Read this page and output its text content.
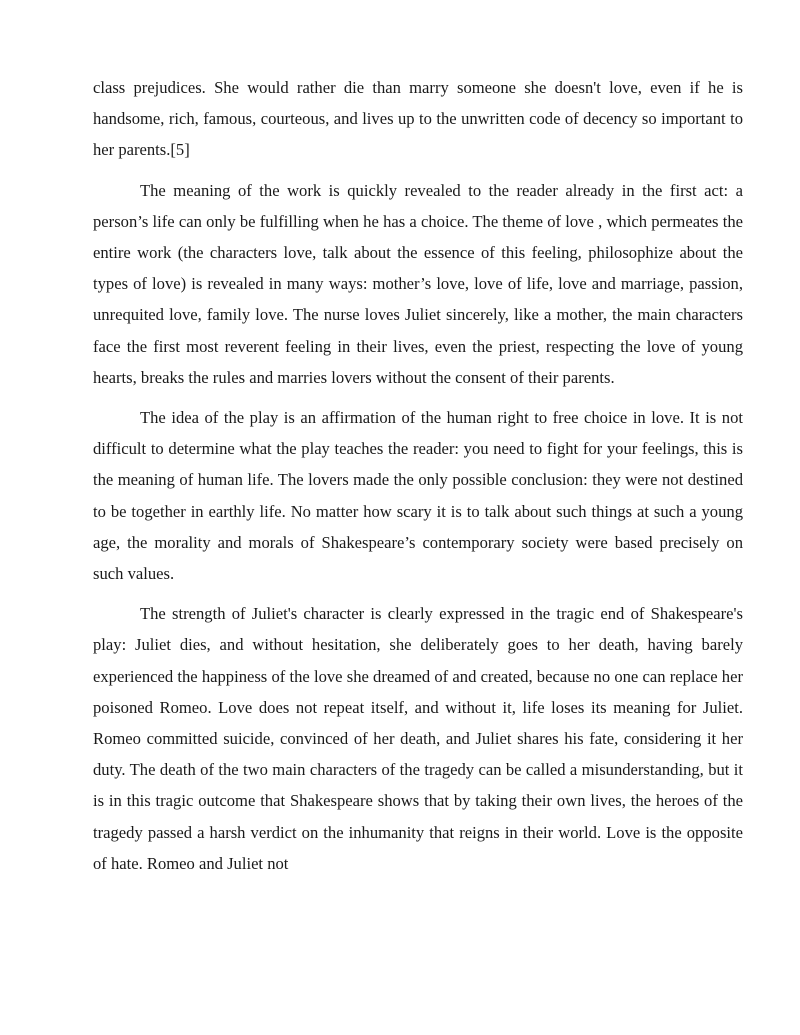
class prejudices. She would rather die than marry someone she doesn't love, even if he is handsome, rich, famous, courteous, and lives up to the unwritten code of decency so important to her parents.[5]

The meaning of the work is quickly revealed to the reader already in the first act: a person’s life can only be fulfilling when he has a choice. The theme of love , which permeates the entire work (the characters love, talk about the essence of this feeling, philosophize about the types of love) is revealed in many ways: mother’s love, love of life, love and marriage, passion, unrequited love, family love. The nurse loves Juliet sincerely, like a mother, the main characters face the first most reverent feeling in their lives, even the priest, respecting the love of young hearts, breaks the rules and marries lovers without the consent of their parents.

The idea of the play is an affirmation of the human right to free choice in love. It is not difficult to determine what the play teaches the reader: you need to fight for your feelings, this is the meaning of human life. The lovers made the only possible conclusion: they were not destined to be together in earthly life. No matter how scary it is to talk about such things at such a young age, the morality and morals of Shakespeare’s contemporary society were based precisely on such values.

The strength of Juliet's character is clearly expressed in the tragic end of Shakespeare's play: Juliet dies, and without hesitation, she deliberately goes to her death, having barely experienced the happiness of the love she dreamed of and created, because no one can replace her poisoned Romeo. Love does not repeat itself, and without it, life loses its meaning for Juliet. Romeo committed suicide, convinced of her death, and Juliet shares his fate, considering it her duty. The death of the two main characters of the tragedy can be called a misunderstanding, but it is in this tragic outcome that Shakespeare shows that by taking their own lives, the heroes of the tragedy passed a harsh verdict on the inhumanity that reigns in their world. Love is the opposite of hate. Romeo and Juliet not
